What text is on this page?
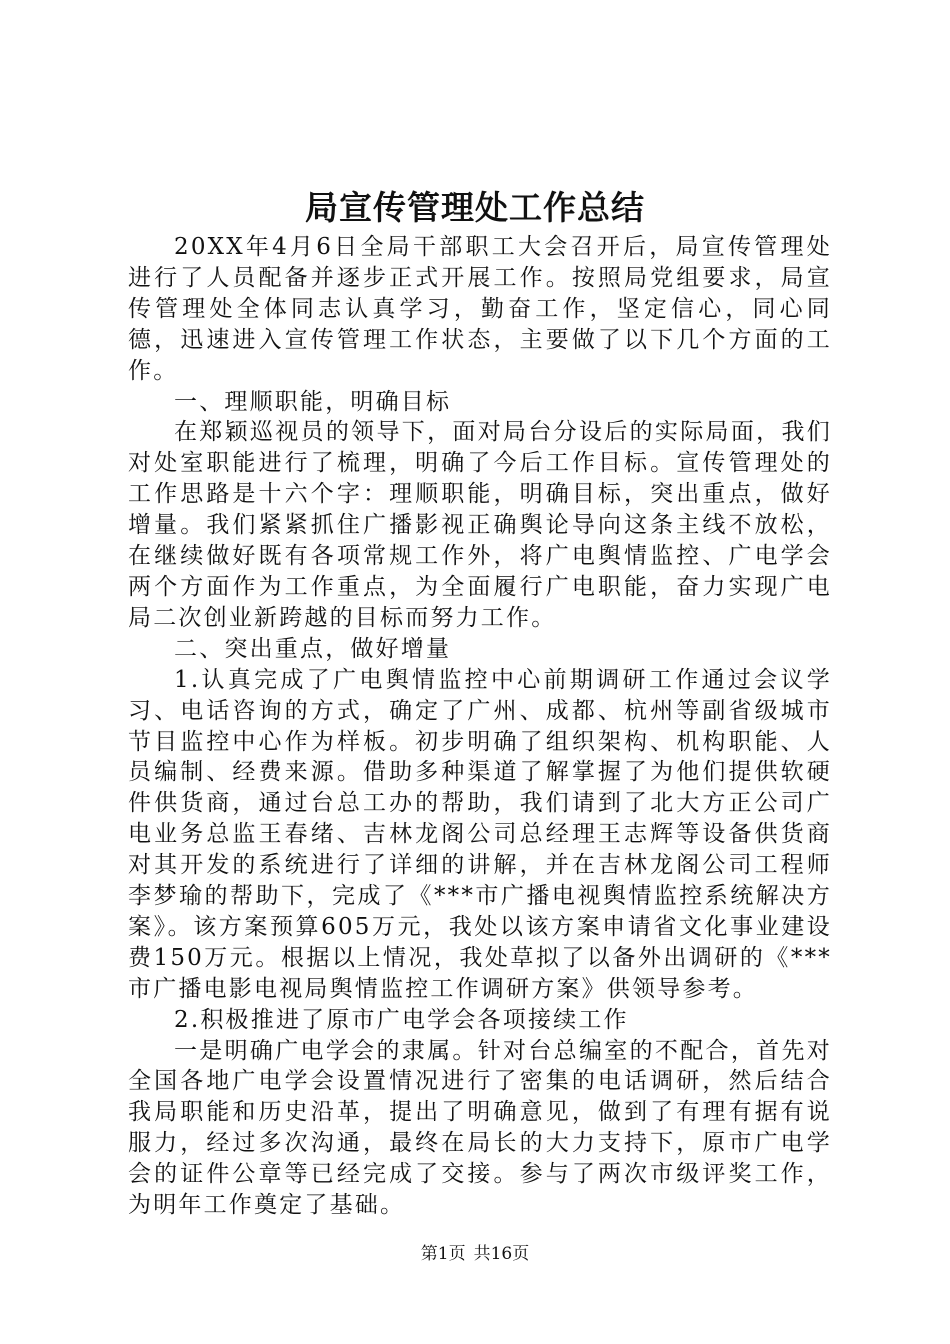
局宣传管理处工作总结

20XX年4月6日全局干部职工大会召开后，局宣传管理处进行了人员配备并逐步正式开展工作。按照局党组要求，局宣传管理处全体同志认真学习，勤奋工作，坚定信心，同心同德，迅速进入宣传管理工作状态，主要做了以下几个方面的工作。

一、理顺职能，明确目标

在郑颖巡视员的领导下，面对局台分设后的实际局面，我们对处室职能进行了梳理，明确了今后工作目标。宣传管理处的工作思路是十六个字：理顺职能，明确目标，突出重点，做好增量。我们紧紧抓住广播影视正确舆论导向这条主线不放松，在继续做好既有各项常规工作外，将广电舆情监控、广电学会两个方面作为工作重点，为全面履行广电职能，奋力实现广电局二次创业新跨越的目标而努力工作。

二、突出重点，做好增量

1.认真完成了广电舆情监控中心前期调研工作通过会议学习、电话咨询的方式，确定了广州、成都、杭州等副省级城市节目监控中心作为样板。初步明确了组织架构、机构职能、人员编制、经费来源。借助多种渠道了解掌握了为他们提供软硬件供货商，通过台总工办的帮助，我们请到了北大方正公司广电业务总监王春绪、吉林龙阁公司总经理王志辉等设备供货商对其开发的系统进行了详细的讲解，并在吉林龙阁公司工程师李梦瑜的帮助下，完成了《***市广播电视舆情监控系统解决方案》。该方案预算605万元，我处以该方案申请省文化事业建设费150万元。根据以上情况，我处草拟了以备外出调研的《***市广播电影电视局舆情监控工作调研方案》供领导参考。

2.积极推进了原市广电学会各项接续工作

一是明确广电学会的隶属。针对台总编室的不配合，首先对全国各地广电学会设置情况进行了密集的电话调研，然后结合我局职能和历史沿革，提出了明确意见，做到了有理有据有说服力，经过多次沟通，最终在局长的大力支持下，原市广电学会的证件公章等已经完成了交接。参与了两次市级评奖工作，为明年工作奠定了基础。

第1页 共16页
